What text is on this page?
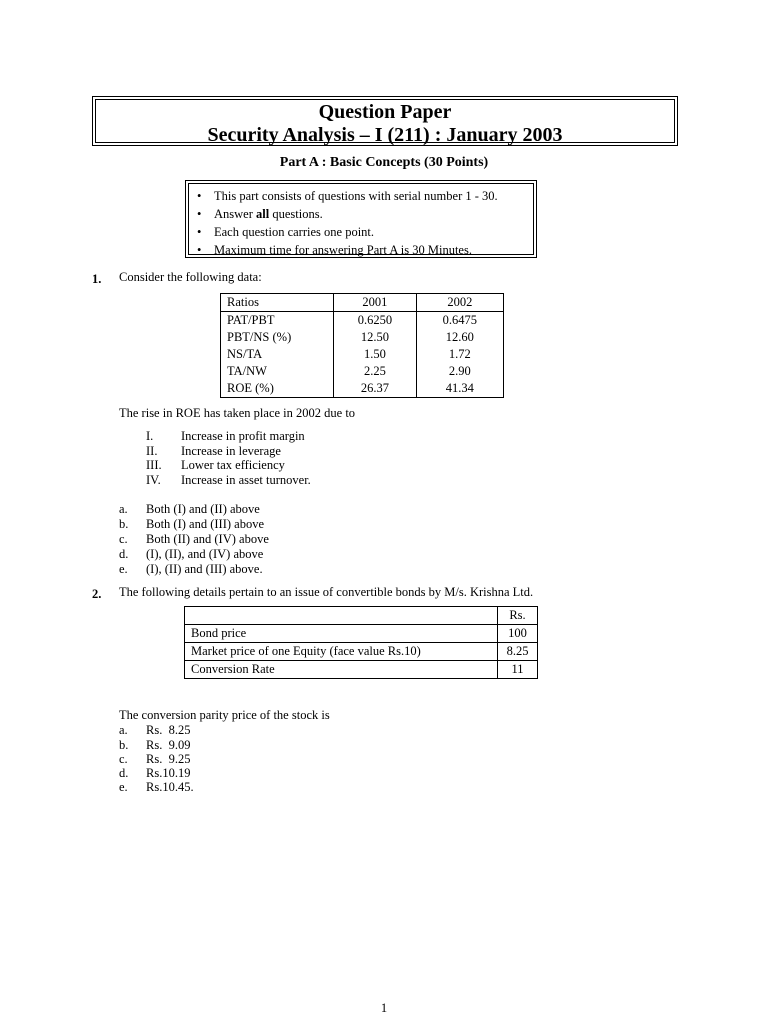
Question Paper
Security Analysis – I (211) : January 2003
Part A : Basic Concepts (30 Points)
• This part consists of questions with serial number 1 - 30.
• Answer all questions.
• Each question carries one point.
• Maximum time for answering Part A is 30 Minutes.
1. Consider the following data:
Ratios	2001	2002
PAT/PBT	0.6250	0.6475
PBT/NS (%)	12.50	12.60
NS/TA	1.50	1.72
TA/NW	2.25	2.90
ROE (%)	26.37	41.34
The rise in ROE has taken place in 2002 due to
I. Increase in profit margin
II. Increase in leverage
III. Lower tax efficiency
IV. Increase in asset turnover.
a. Both (I) and (II) above
b. Both (I) and (III) above
c. Both (II) and (IV) above
d. (I), (II), and (IV) above
e. (I), (II) and (III) above.
2. The following details pertain to an issue of convertible bonds by M/s. Krishna Ltd.
	Rs.
Bond price	100
Market price of one Equity (face value Rs.10)	8.25
Conversion Rate	11
The conversion parity price of the stock is
a. Rs.  8.25
b. Rs.  9.09
c. Rs.  9.25
d. Rs.10.19
e. Rs.10.45.
1
